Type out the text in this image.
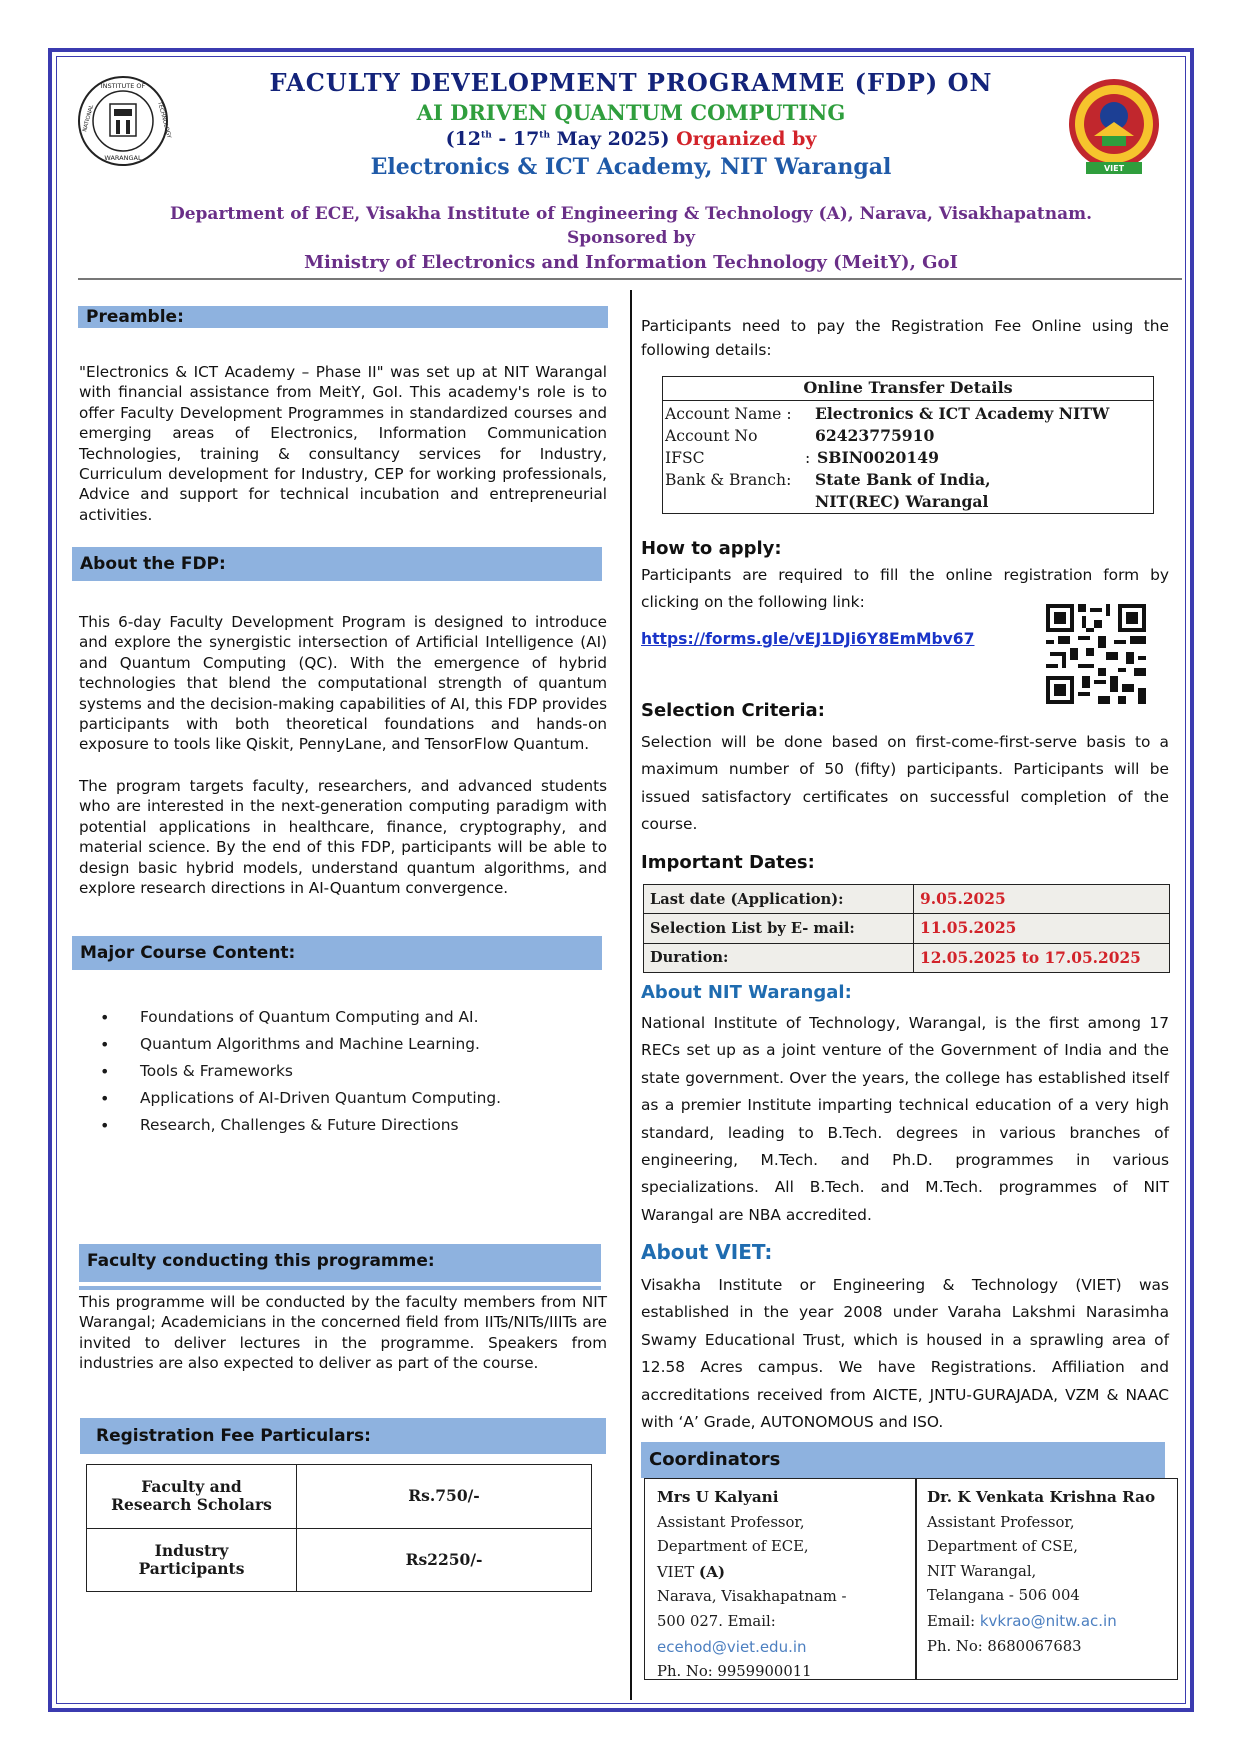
INSTITUTE OF
NATIONAL	TECHNOLOGY
WARANGAL
VIET
FACULTY DEVELOPMENT PROGRAMME (FDP) ON
AI DRIVEN QUANTUM COMPUTING
(12th - 17th May 2025) Organized by
Electronics & ICT Academy, NIT Warangal
Department of ECE, Visakha Institute of Engineering & Technology (A), Narava, Visakhapatnam.
Sponsored by
Ministry of Electronics and Information Technology (MeitY), GoI
Preamble:
"Electronics & ICT Academy – Phase II" was set up at NIT Warangal with financial assistance from MeitY, GoI. This academy's role is to offer Faculty Development Programmes in standardized courses and emerging areas of Electronics, Information Communication Technologies, training & consultancy services for Industry, Curriculum development for Industry, CEP for working professionals, Advice and support for technical incubation and entrepreneurial activities.
About the FDP:
This 6-day Faculty Development Program is designed to introduce and explore the synergistic intersection of Artificial Intelligence (AI) and Quantum Computing (QC). With the emergence of hybrid technologies that blend the computational strength of quantum systems and the decision-making capabilities of AI, this FDP provides participants with both theoretical foundations and hands-on exposure to tools like Qiskit, PennyLane, and TensorFlow Quantum.
The program targets faculty, researchers, and advanced students who are interested in the next-generation computing paradigm with potential applications in healthcare, finance, cryptography, and material science. By the end of this FDP, participants will be able to design basic hybrid models, understand quantum algorithms, and explore research directions in AI-Quantum convergence.
Major Course Content:
• Foundations of Quantum Computing and AI.
• Quantum Algorithms and Machine Learning.
• Tools & Frameworks
• Applications of AI-Driven Quantum Computing.
• Research, Challenges & Future Directions
Faculty conducting this programme:
This programme will be conducted by the faculty members from NIT Warangal; Academicians in the concerned field from IITs/NITs/IIITs are invited to deliver lectures in the programme. Speakers from industries are also expected to deliver as part of the course.
Registration Fee Particulars:
Faculty and
Research Scholars	Rs.750/-
Industry
Participants	Rs2250/-
Participants need to pay the Registration Fee Online using the following details:
Online Transfer Details
Account Name : Electronics & ICT Academy NITW
Account No	62423775910
IFSC	: SBIN0020149
Bank & Branch: State Bank of India,
NIT(REC) Warangal
How to apply:
Participants are required to fill the online registration form by clicking on the following link:
https://forms.gle/vEJ1DJi6Y8EmMbv67
Selection Criteria:
Selection will be done based on first-come-first-serve basis to a maximum number of 50 (fifty) participants. Participants will be issued satisfactory certificates on successful completion of the course.
Important Dates:
Last date (Application):	9.05.2025
Selection List by E- mail:	11.05.2025
Duration:	12.05.2025 to 17.05.2025
About NIT Warangal:
National Institute of Technology, Warangal, is the first among 17 RECs set up as a joint venture of the Government of India and the state government. Over the years, the college has established itself as a premier Institute imparting technical education of a very high standard, leading to B.Tech. degrees in various branches of engineering, M.Tech. and Ph.D. programmes in various specializations. All B.Tech. and M.Tech. programmes of NIT Warangal are NBA accredited.
About VIET:
Visakha Institute or Engineering & Technology (VIET) was established in the year 2008 under Varaha Lakshmi Narasimha Swamy Educational Trust, which is housed in a sprawling area of 12.58 Acres campus. We have Registrations. Affiliation and accreditations received from AICTE, JNTU-GURAJADA, VZM & NAAC with ‘A’ Grade, AUTONOMOUS and ISO.
Coordinators
Mrs U Kalyani
Assistant Professor,
Department of ECE,
VIET (A)
Narava, Visakhapatnam -
500 027. Email:
ecehod@viet.edu.in
Ph. No: 9959900011
Dr. K Venkata Krishna Rao
Assistant Professor,
Department of CSE,
NIT Warangal,
Telangana - 506 004
Email: kvkrao@nitw.ac.in
Ph. No: 8680067683
